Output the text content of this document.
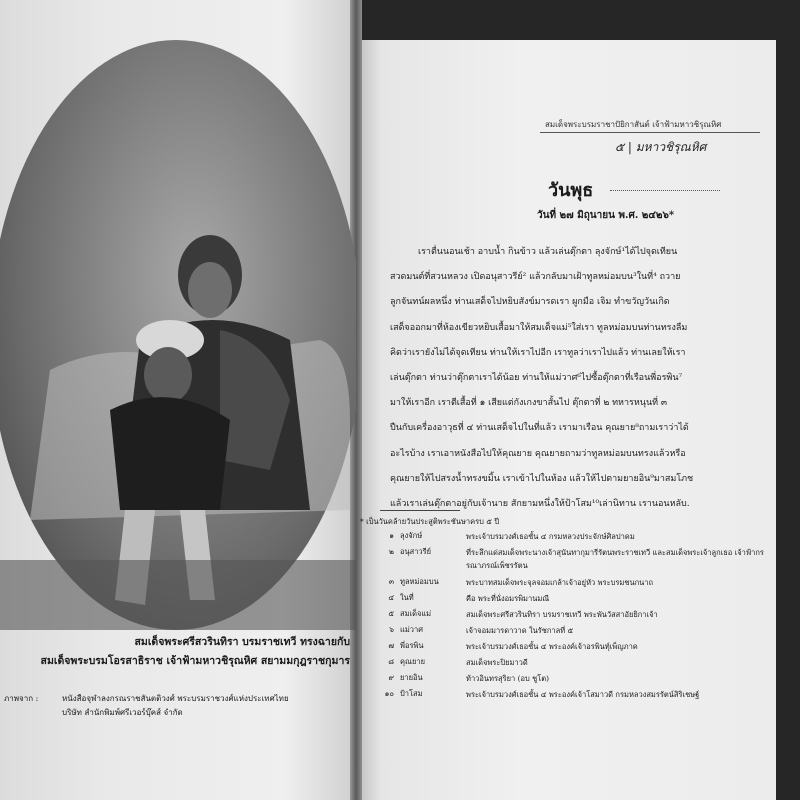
สมเด็จพระศรีสวรินทิรา บรมราชเทวี ทรงฉายกับ
สมเด็จพระบรมโอรสาธิราช เจ้าฟ้ามหาวชิรุณหิศ สยามมกุฎราชกุมาร
ภาพจาก :	หนังสือจุฬาลงกรณราชสันตติวงศ์ พระบรมราชวงศ์แห่งประเทศไทย
บริษัท สำนักพิมพ์ศรีเวอร์บุ๊คส์ จำกัด
สมเด็จพระบรมราชาปัยิกาสันต์ เจ้าฟ้ามหาวชิรุณหิศ
๕ | มหาวชิรุณหิศ
วันพุธ
วันที่ ๒๗ มิถุนายน พ.ศ. ๒๔๒๖*
เราตื่นนอนเช้า อาบน้ำ กินข้าว แล้วเล่นตุ๊กตา ลุงจักษ์¹ได้ไปจุดเทียน
สวดมนต์ที่สวนหลวง เปิดอนุสาวรีย์² แล้วกลับมาเฝ้าทูลหม่อมบน³ในที่⁴ ถวาย
ลูกจันทน์ผลหนึ่ง ท่านเสด็จไปหยิบสังข์มารดเรา ผูกมือ เจิม ทำขวัญวันเกิด
เสด็จออกมาที่ห้องเขียวหยิบเสื้อมาให้สมเด็จแม่⁵ใส่เรา ทูลหม่อมบนท่านทรงลืม
คิดว่าเรายังไม่ได้จุดเทียน ท่านให้เราไปอีก เราทูลว่าเราไปแล้ว ท่านเลยให้เรา
เล่นตุ๊กตา ท่านว่าตุ๊กตาเราได้น้อย ท่านให้แม่วาศ⁶ไปซื้อตุ๊กตาที่เรือนพี่อรพิน⁷
มาให้เราอีก เราตีเสื้อที่ ๑ เสียแต่กังเกงขาสั้นไป ตุ๊กตาที่ ๒ ทหารหนุนที่ ๓
ปืนกับเครื่องอาวุธที่ ๔ ท่านเสด็จไปในที่แล้ว เรามาเรือน คุณยาย⁸ถามเราว่าได้
อะไรบ้าง เราเอาหนังสือไปให้คุณยาย คุณยายถามว่าทูลหม่อมบนทรงแล้วหรือ
คุณยายให้ไปสรงน้ำทรงขมิ้น เราเข้าไปในห้อง แล้วให้ไปตามยายอิน⁹มาสมโภช
แล้วเราเล่นตุ๊กตาอยู่กับเจ้านาย สักยามหนึ่งให้ป้าโสม¹⁰เล่านิทาน เรานอนหลับ.
* เป็นวันคล้ายวันประสูติพระชันษาครบ ๕ ปี
๑ ลุงจักษ์	พระเจ้าบรมวงศ์เธอชั้น ๔ กรมหลวงประจักษ์ศิลปาคม
๒ อนุสาวรีย์	ที่ระลึกแด่สมเด็จพระนางเจ้าสุนันทากุมารีรัตนพระราชเทวี และสมเด็จพระเจ้าลูกเธอ เจ้าฟ้ากรรณาภรณ์เพ็ชรรัตน
๓ ทูลหม่อมบน	พระบาทสมเด็จพระจุลจอมเกล้าเจ้าอยู่หัว พระบรมชนกนาถ
๔ ในที่	คือ พระที่นั่งอมรพิมานมณี
๕ สมเด็จแม่	สมเด็จพระศรีสวรินทิรา บรมราชเทวี พระพันวัสสาอัยยิกาเจ้า
๖ แม่วาศ	เจ้าจอมมารดาวาด ในรัชกาลที่ ๕
๗ พี่อรพิน	พระเจ้าบรมวงศ์เธอชั้น ๔ พระองค์เจ้าอรพินทุ์เพ็ญภาค
๘ คุณยาย	สมเด็จพระปิยมาวดี
๙ ยายอิน	ท้าวอินทรสุริยา (อบ ชูโต)
๑๐ ป้าโสม	พระเจ้าบรมวงศ์เธอชั้น ๔ พระองค์เจ้าโสมาวดี กรมหลวงสมรรัตน์สิริเชษฐ์
